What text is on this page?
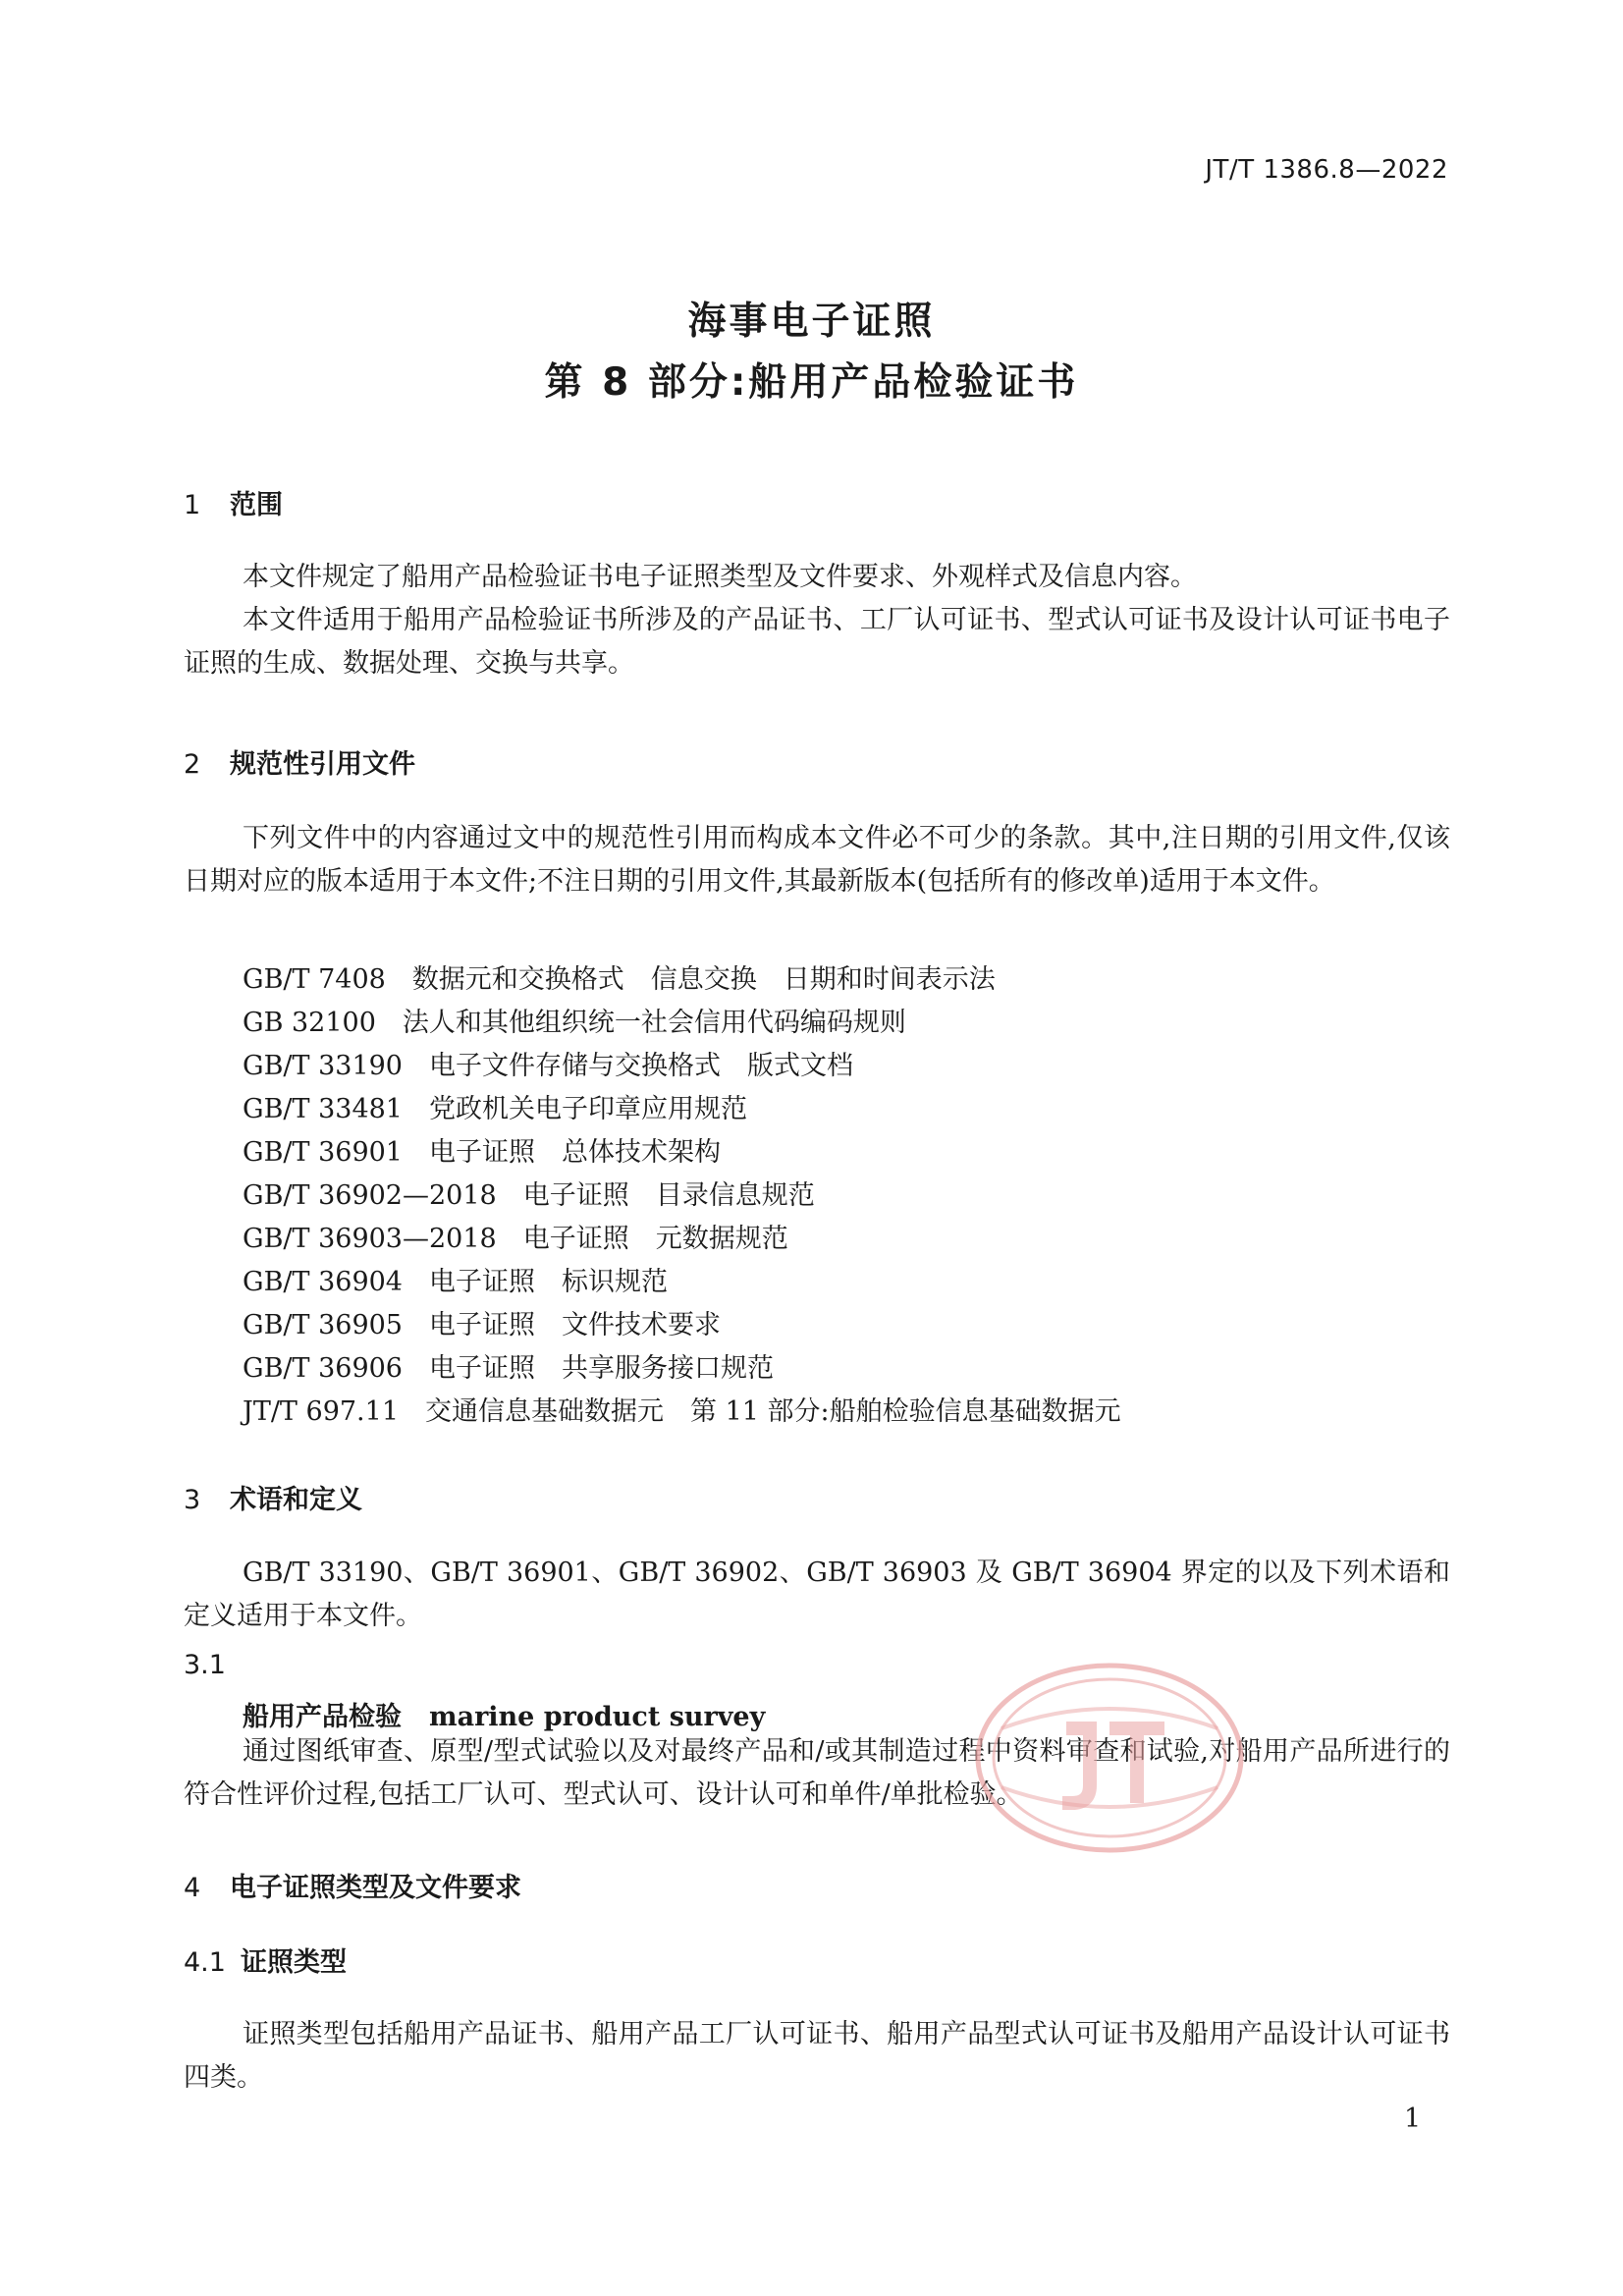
JT/T 1386.8—2022
海事电子证照
第 8 部分:船用产品检验证书
1 范围
本文件规定了船用产品检验证书电子证照类型及文件要求、外观样式及信息内容。
本文件适用于船用产品检验证书所涉及的产品证书、工厂认可证书、型式认可证书及设计认可证书电子证照的生成、数据处理、交换与共享。
2 规范性引用文件
下列文件中的内容通过文中的规范性引用而构成本文件必不可少的条款。其中,注日期的引用文件,仅该日期对应的版本适用于本文件;不注日期的引用文件,其最新版本(包括所有的修改单)适用于本文件。
GB/T 7408　数据元和交换格式　信息交换　日期和时间表示法
GB 32100　法人和其他组织统一社会信用代码编码规则
GB/T 33190　电子文件存储与交换格式　版式文档
GB/T 33481　党政机关电子印章应用规范
GB/T 36901　电子证照　总体技术架构
GB/T 36902—2018　电子证照　目录信息规范
GB/T 36903—2018　电子证照　元数据规范
GB/T 36904　电子证照　标识规范
GB/T 36905　电子证照　文件技术要求
GB/T 36906　电子证照　共享服务接口规范
JT/T 697.11　交通信息基础数据元　第 11 部分:船舶检验信息基础数据元
3 术语和定义
GB/T 33190、GB/T 36901、GB/T 36902、GB/T 36903 及 GB/T 36904 界定的以及下列术语和定义适用于本文件。
3.1
船用产品检验 marine product survey
通过图纸审查、原型/型式试验以及对最终产品和/或其制造过程中资料审查和试验,对船用产品所进行的符合性评价过程,包括工厂认可、型式认可、设计认可和单件/单批检验。
4 电子证照类型及文件要求
4.1 证照类型
证照类型包括船用产品证书、船用产品工厂认可证书、船用产品型式认可证书及船用产品设计认可证书四类。
1
